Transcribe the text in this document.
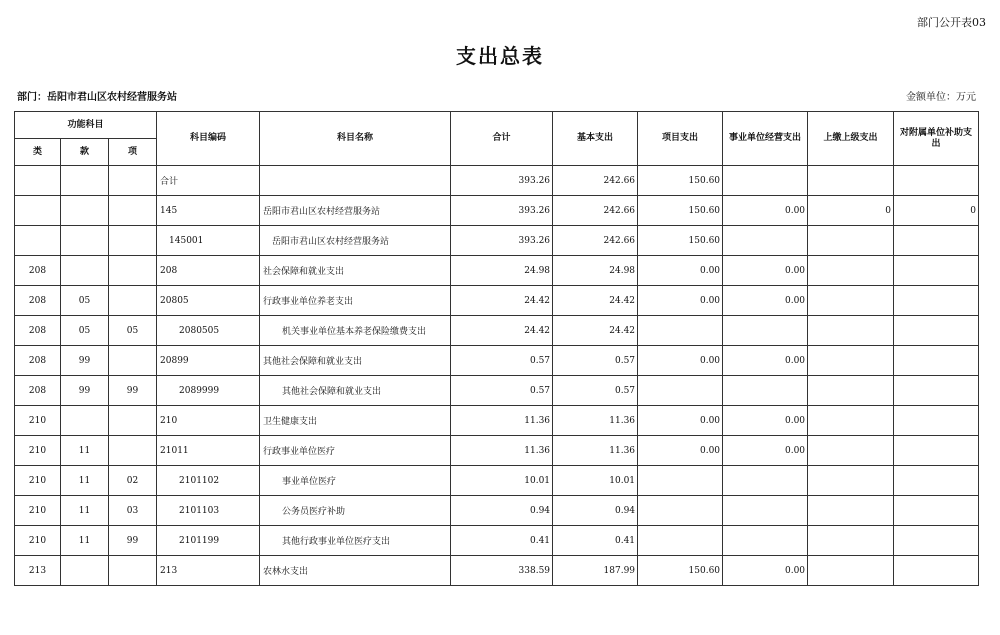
部门公开表03
支出总表
部门：岳阳市君山区农村经营服务站	金额单位：万元
功能科目			科目编码	科目名称	合计	基本支出	项目支出	事业单位经营支出	上缴上级支出	对附属单位补助支出
类	款	项								
			合计		393.26	242.66	150.60			
			145	岳阳市君山区农村经营服务站	393.26	242.66	150.60	0.00	0	0
			145001	岳阳市君山区农村经营服务站	393.26	242.66	150.60			
208			208	社会保障和就业支出	24.98	24.98	0.00	0.00		
208	05		20805	行政事业单位养老支出	24.42	24.42	0.00	0.00		
208	05	05	2080505	机关事业单位基本养老保险缴费支出	24.42	24.42				
208	99		20899	其他社会保障和就业支出	0.57	0.57	0.00	0.00		
208	99	99	2089999	其他社会保障和就业支出	0.57	0.57				
210			210	卫生健康支出	11.36	11.36	0.00	0.00		
210	11		21011	行政事业单位医疗	11.36	11.36	0.00	0.00		
210	11	02	2101102	事业单位医疗	10.01	10.01				
210	11	03	2101103	公务员医疗补助	0.94	0.94				
210	11	99	2101199	其他行政事业单位医疗支出	0.41	0.41				
213			213	农林水支出	338.59	187.99	150.60	0.00		
